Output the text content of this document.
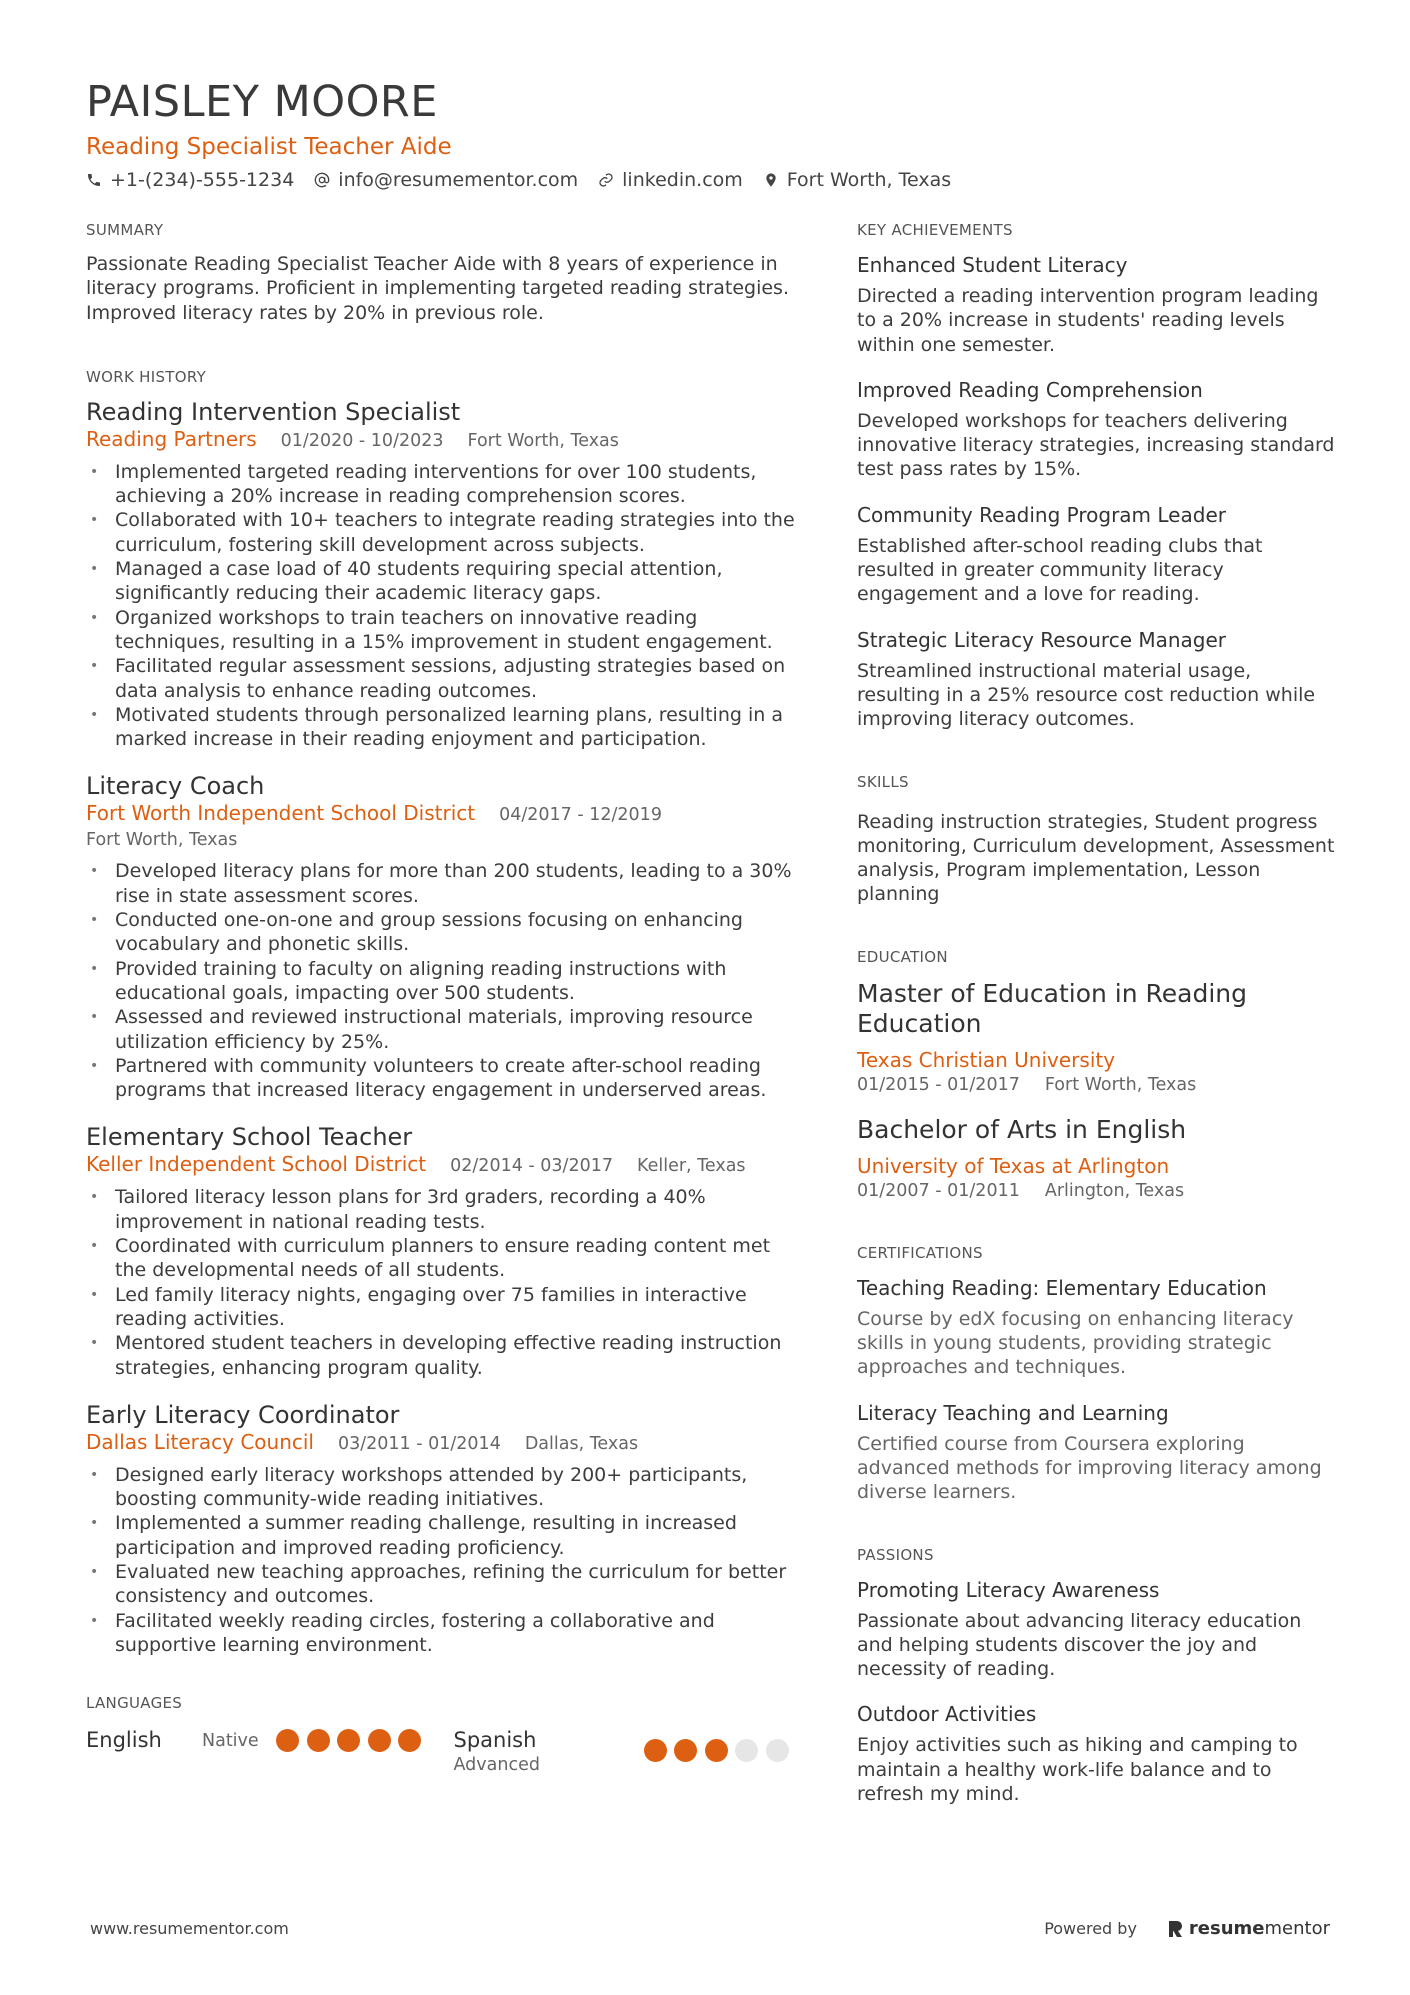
PAISLEY MOORE
Reading Specialist Teacher Aide
+1-(234)-555-1234 info@resumementor.com linkedin.com Fort Worth, Texas
SUMMARY
Passionate Reading Specialist Teacher Aide with 8 years of experience in literacy programs. Proficient in implementing targeted reading strategies. Improved literacy rates by 20% in previous role.
WORK HISTORY
Reading Intervention Specialist
Reading Partners 01/2020 - 10/2023 Fort Worth, Texas
• Implemented targeted reading interventions for over 100 students, achieving a 20% increase in reading comprehension scores.
• Collaborated with 10+ teachers to integrate reading strategies into the curriculum, fostering skill development across subjects.
• Managed a case load of 40 students requiring special attention, significantly reducing their academic literacy gaps.
• Organized workshops to train teachers on innovative reading techniques, resulting in a 15% improvement in student engagement.
• Facilitated regular assessment sessions, adjusting strategies based on data analysis to enhance reading outcomes.
• Motivated students through personalized learning plans, resulting in a marked increase in their reading enjoyment and participation.
Literacy Coach
Fort Worth Independent School District 04/2017 - 12/2019
Fort Worth, Texas
• Developed literacy plans for more than 200 students, leading to a 30% rise in state assessment scores.
• Conducted one-on-one and group sessions focusing on enhancing vocabulary and phonetic skills.
• Provided training to faculty on aligning reading instructions with educational goals, impacting over 500 students.
• Assessed and reviewed instructional materials, improving resource utilization efficiency by 25%.
• Partnered with community volunteers to create after-school reading programs that increased literacy engagement in underserved areas.
Elementary School Teacher
Keller Independent School District 02/2014 - 03/2017 Keller, Texas
• Tailored literacy lesson plans for 3rd graders, recording a 40% improvement in national reading tests.
• Coordinated with curriculum planners to ensure reading content met the developmental needs of all students.
• Led family literacy nights, engaging over 75 families in interactive reading activities.
• Mentored student teachers in developing effective reading instruction strategies, enhancing program quality.
Early Literacy Coordinator
Dallas Literacy Council 03/2011 - 01/2014 Dallas, Texas
• Designed early literacy workshops attended by 200+ participants, boosting community-wide reading initiatives.
• Implemented a summer reading challenge, resulting in increased participation and improved reading proficiency.
• Evaluated new teaching approaches, refining the curriculum for better consistency and outcomes.
• Facilitated weekly reading circles, fostering a collaborative and supportive learning environment.
LANGUAGES
English	Native	Spanish
Advanced
KEY ACHIEVEMENTS
Enhanced Student Literacy
Directed a reading intervention program leading to a 20% increase in students' reading levels within one semester.
Improved Reading Comprehension
Developed workshops for teachers delivering innovative literacy strategies, increasing standard test pass rates by 15%.
Community Reading Program Leader
Established after-school reading clubs that resulted in greater community literacy engagement and a love for reading.
Strategic Literacy Resource Manager
Streamlined instructional material usage, resulting in a 25% resource cost reduction while improving literacy outcomes.
SKILLS
Reading instruction strategies, Student progress monitoring, Curriculum development, Assessment analysis, Program implementation, Lesson planning
EDUCATION
Master of Education in Reading Education
Texas Christian University
01/2015 - 01/2017 Fort Worth, Texas
Bachelor of Arts in English
University of Texas at Arlington
01/2007 - 01/2011 Arlington, Texas
CERTIFICATIONS
Teaching Reading: Elementary Education
Course by edX focusing on enhancing literacy skills in young students, providing strategic approaches and techniques.
Literacy Teaching and Learning
Certified course from Coursera exploring advanced methods for improving literacy among diverse learners.
PASSIONS
Promoting Literacy Awareness
Passionate about advancing literacy education and helping students discover the joy and necessity of reading.
Outdoor Activities
Enjoy activities such as hiking and camping to maintain a healthy work-life balance and to refresh my mind.
www.resumementor.com	Powered by	resume mentor
